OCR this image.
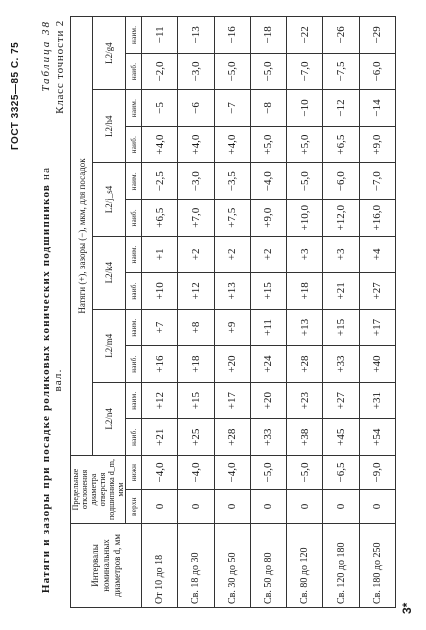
ГОСТ 3325—85 С. 75	Таблица 38
Натяги и зазоры при посадке роликовых конических подшипников на вал.
Класс точности 2
Интервалы номинальных диаметров d, мм	Предельные отклонения диаметра отверстия подшипника d_m, мкм		Натяги (+), зазоры (−), мкм, для посадок											
			L2/n4		L2/m4		L2/k4		L2/j_s4		L2/h4		L2/g4	
	верхн	нижн	наиб.	наим.	наиб.	наим.	наиб.	наим.	наиб.	наим.	наиб.	наим.	наиб.	наим.
От 10 до 18	0	−4,0	+21	+12	+16	+7	+10	+1	+6,5	−2,5	+4,0	−5	−2,0	−11
Св. 18 до 30	0	−4,0	+25	+15	+18	+8	+12	+2	+7,0	−3,0	+4,0	−6	−3,0	−13
Св. 30 до 50	0	−4,0	+28	+17	+20	+9	+13	+2	+7,5	−3,5	+4,0	−7	−5,0	−16
Св. 50 до 80	0	−5,0	+33	+20	+24	+11	+15	+2	+9,0	−4,0	+5,0	−8	−5,0	−18
Св. 80 до 120	0	−5,0	+38	+23	+28	+13	+18	+3	+10,0	−5,0	+5,0	−10	−7,0	−22
Св. 120 до 180	0	−6,5	+45	+27	+33	+15	+21	+3	+12,0	−6,0	+6,5	−12	−7,5	−26
Св. 180 до 250	0	−9,0	+54	+31	+40	+17	+27	+4	+16,0	−7,0	+9,0	−14	−6,0	−29
3*
